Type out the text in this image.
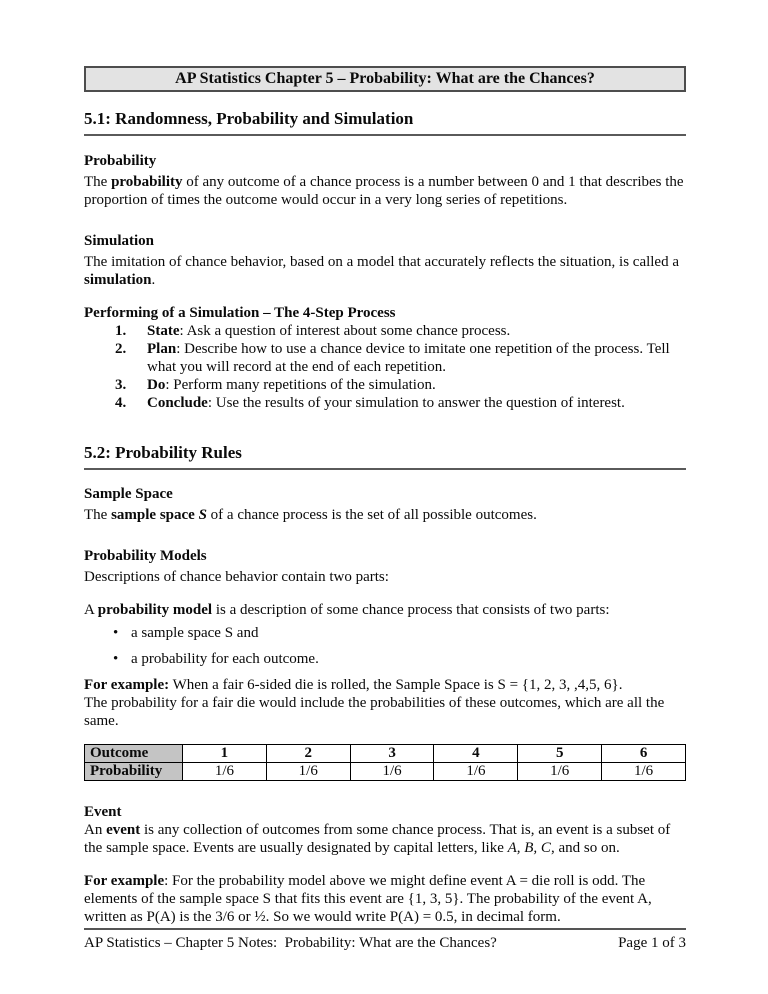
AP Statistics Chapter 5 – Probability: What are the Chances?
5.1: Randomness, Probability and Simulation
Probability

The probability of any outcome of a chance process is a number between 0 and 1 that describes the proportion of times the outcome would occur in a very long series of repetitions.

Simulation

The imitation of chance behavior, based on a model that accurately reflects the situation, is called a simulation.

Performing of a Simulation – The 4-Step Process
1.	State: Ask a question of interest about some chance process.
2.	Plan: Describe how to use a chance device to imitate one repetition of the process. Tell what you will record at the end of each repetition.
3.	Do: Perform many repetitions of the simulation.
4.	Conclude: Use the results of your simulation to answer the question of interest.
5.2: Probability Rules
Sample Space

The sample space S of a chance process is the set of all possible outcomes.

Probability Models

Descriptions of chance behavior contain two parts:

A probability model is a description of some chance process that consists of two parts:

• a sample space S and
• a probability for each outcome.

For example: When a fair 6-sided die is rolled, the Sample Space is S = {1, 2, 3, ,4,5, 6}.
The probability for a fair die would include the probabilities of these outcomes, which are all the same.

Outcome	1	2	3	4	5	6
Probability	1/6	1/6	1/6	1/6	1/6	1/6
Event

An event is any collection of outcomes from some chance process. That is, an event is a subset of the sample space. Events are usually designated by capital letters, like A, B, C, and so on.

For example: For the probability model above we might define event A = die roll is odd. The elements of the sample space S that fits this event are {1, 3, 5}. The probability of the event A, written as P(A) is the 3/6 or ½. So we would write P(A) = 0.5, in decimal form.

AP Statistics – Chapter 5 Notes:  Probability: What are the Chances?	Page 1 of 3
